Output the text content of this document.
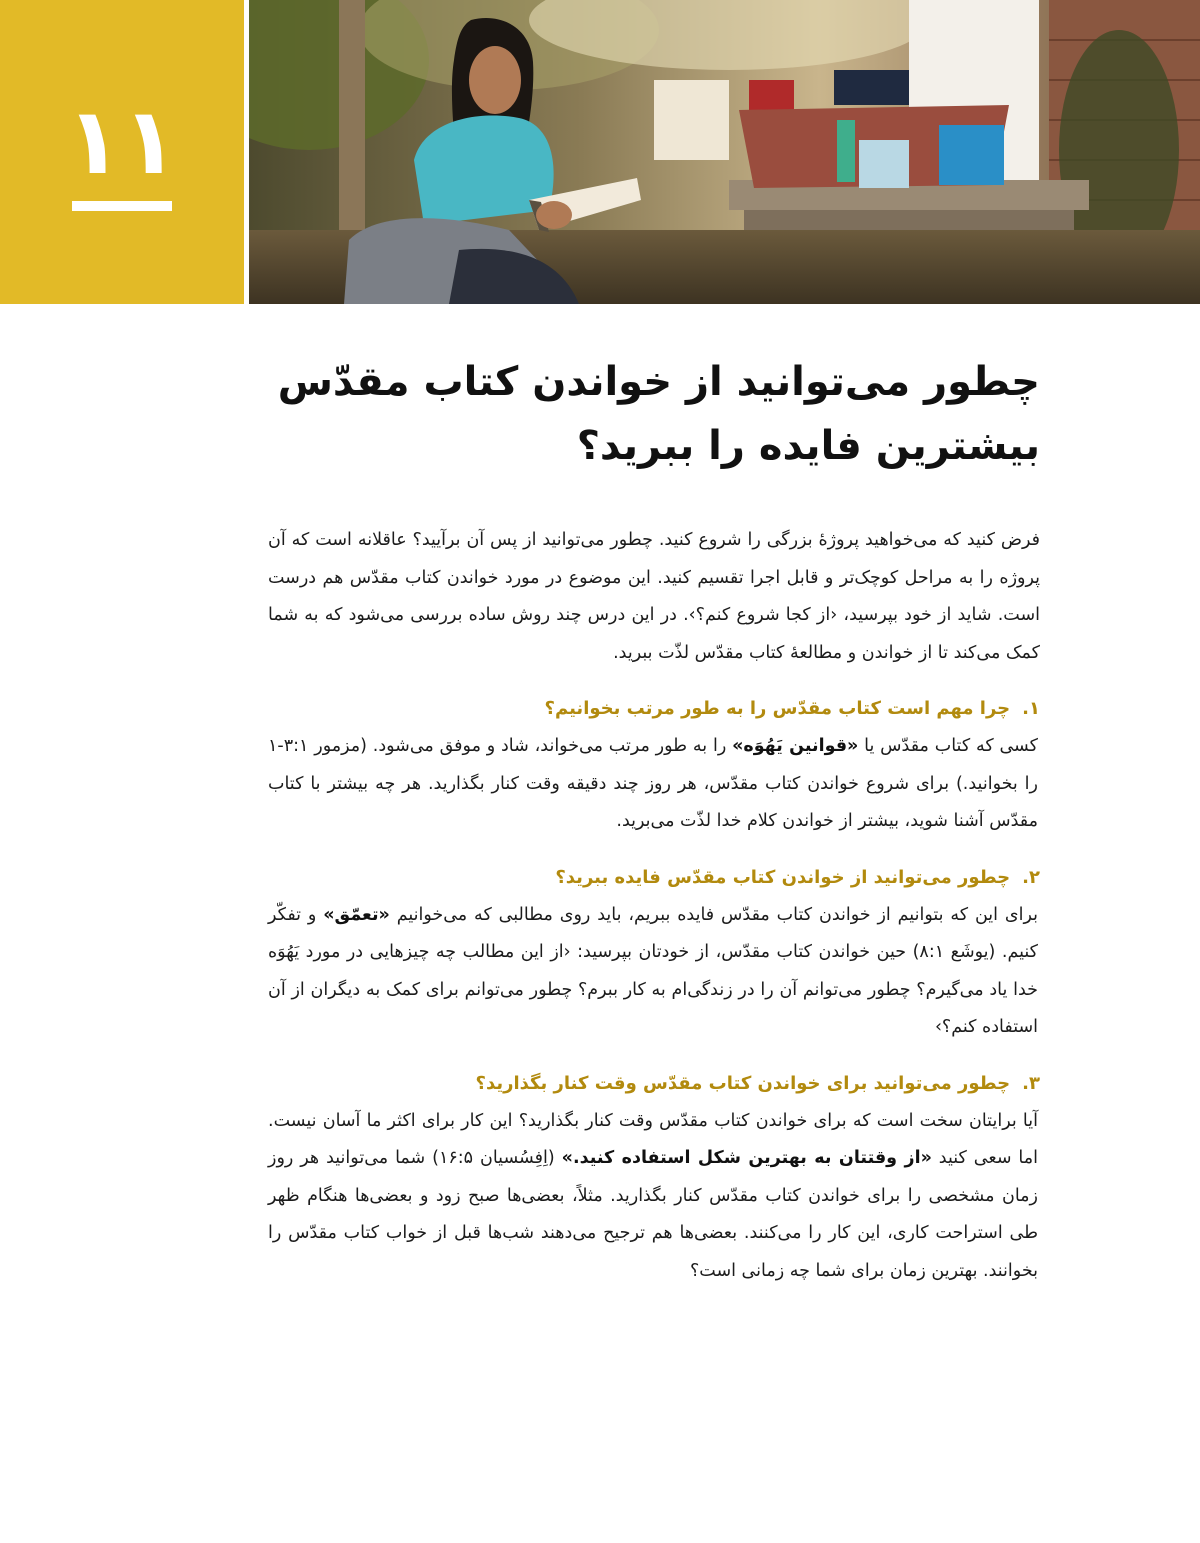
۱۱
چطور می‌توانید از خواندن کتاب مقدّس بیشترین فایده را ببرید؟

فرض کنید که می‌خواهید پروژهٔ بزرگی را شروع کنید. چطور می‌توانید از پس آن برآیید؟ عاقلانه است که آن پروژه را به مراحل کوچک‌تر و قابل اجرا تقسیم کنید. این موضوع در مورد خواندن کتاب مقدّس هم درست است. شاید از خود بپرسید، ‹از کجا شروع کنم؟›. در این درس چند روش ساده بررسی می‌شود که به شما کمک می‌کند تا از خواندن و مطالعهٔ کتاب مقدّس لذّت ببرید.

۱.
چرا مهم است کتاب مقدّس را به طور مرتب بخوانیم؟

کسی که کتاب مقدّس یا «قوانین یَهُوَه» را به طور مرتب می‌خواند، شاد و موفق می‌شود. (مزمور ۱:‏۱-۳ را بخوانید.) برای شروع خواندن کتاب مقدّس، هر روز چند دقیقه وقت کنار بگذارید. هر چه بیشتر با کتاب مقدّس آشنا شوید، بیشتر از خواندن کلام خدا لذّت می‌برید.

۲.
چطور می‌توانید از خواندن کتاب مقدّس فایده ببرید؟

برای این که بتوانیم از خواندن کتاب مقدّس فایده ببریم، باید روی مطالبی که می‌خوانیم «تعمّق» و تفکّر کنیم. (یوشَع ۱:‏۸) حین خواندن کتاب مقدّس، از خودتان بپرسید: ‹از این مطالب چه چیزهایی در مورد یَهُوَه خدا یاد می‌گیرم؟ چطور می‌توانم آن را در زندگی‌ام به کار ببرم؟ چطور می‌توانم برای کمک به دیگران از آن استفاده کنم؟›

۳.
چطور می‌توانید برای خواندن کتاب مقدّس وقت کنار بگذارید؟

آیا برایتان سخت است که برای خواندن کتاب مقدّس وقت کنار بگذارید؟ این کار برای اکثر ما آسان نیست. اما سعی کنید «از وقتتان به بهترین شکل استفاده کنید.» (اِفِسُسیان ۵:‏۱۶) شما می‌توانید هر روز زمان مشخصی را برای خواندن کتاب مقدّس کنار بگذارید. مثلاً، بعضی‌ها صبح زود و بعضی‌ها هنگام ظهر طی استراحت کاری، این کار را می‌کنند. بعضی‌ها هم ترجیح می‌دهند شب‌ها قبل از خواب کتاب مقدّس را بخوانند. بهترین زمان برای شما چه زمانی است؟
